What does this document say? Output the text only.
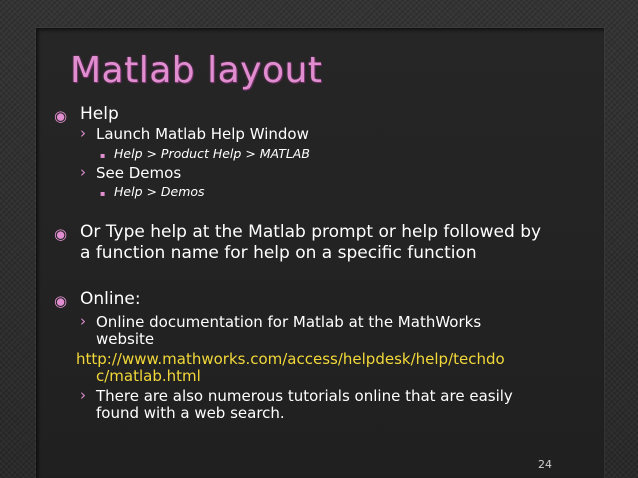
Matlab layout
◉ Help
› Launch Matlab Help Window
▪ Help > Product Help > MATLAB
› See Demos
▪ Help > Demos
◉ Or Type help at the Matlab prompt or help followed by
a function name for help on a specific function
◉ Online:
› Online documentation for Matlab at the MathWorks
website
http://www.mathworks.com/access/helpdesk/help/techdo
c/matlab.html
› There are also numerous tutorials online that are easily
found with a web search.
24
